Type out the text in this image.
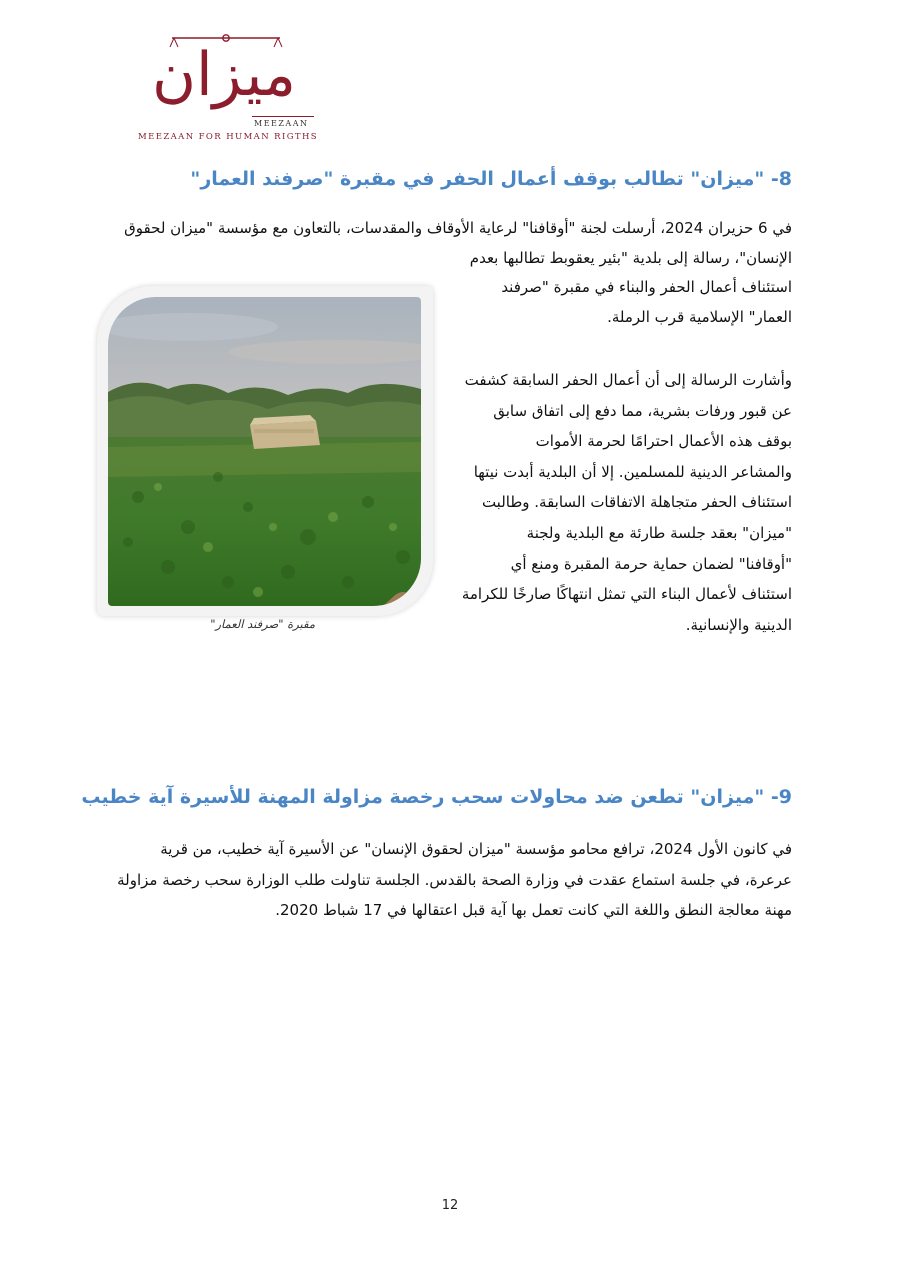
ميزان
MEEZAAN
MEEZAAN FOR HUMAN RIGTHS
8- "ميزان" تطالب بوقف أعمال الحفر في مقبرة "صرفند العمار"
في 6 حزيران 2024، أرسلت لجنة "أوقافنا" لرعاية الأوقاف والمقدسات، بالتعاون مع مؤسسة "ميزان لحقوق
الإنسان"، رسالة إلى بلدية "بئير يعقوبط تطالبها بعدم
استئناف أعمال الحفر والبناء في مقبرة "صرفند
العمار" الإسلامية قرب الرملة.
وأشارت الرسالة إلى أن أعمال الحفر السابقة كشفت
عن قبور ورفات بشرية، مما دفع إلى اتفاق سابق
بوقف هذه الأعمال احترامًا لحرمة الأموات
والمشاعر الدينية للمسلمين. إلا أن البلدية أبدت نيتها
استئناف الحفر متجاهلة الاتفاقات السابقة. وطالبت
"ميزان" بعقد جلسة طارئة مع البلدية ولجنة
"أوقافنا" لضمان حماية حرمة المقبرة ومنع أي
استئناف لأعمال البناء التي تمثل انتهاكًا صارخًا للكرامة
الدينية والإنسانية.
مقبرة "صرفند العمار"
9- "ميزان" تطعن ضد محاولات سحب رخصة مزاولة المهنة للأسيرة آية خطيب
في كانون الأول 2024، ترافع محامو مؤسسة "ميزان لحقوق الإنسان" عن الأسيرة آية خطيب، من قرية
عرعرة، في جلسة استماع عقدت في وزارة الصحة بالقدس. الجلسة تناولت طلب الوزارة سحب رخصة مزاولة
مهنة معالجة النطق واللغة التي كانت تعمل بها آية قبل اعتقالها في 17 شباط 2020.
12
